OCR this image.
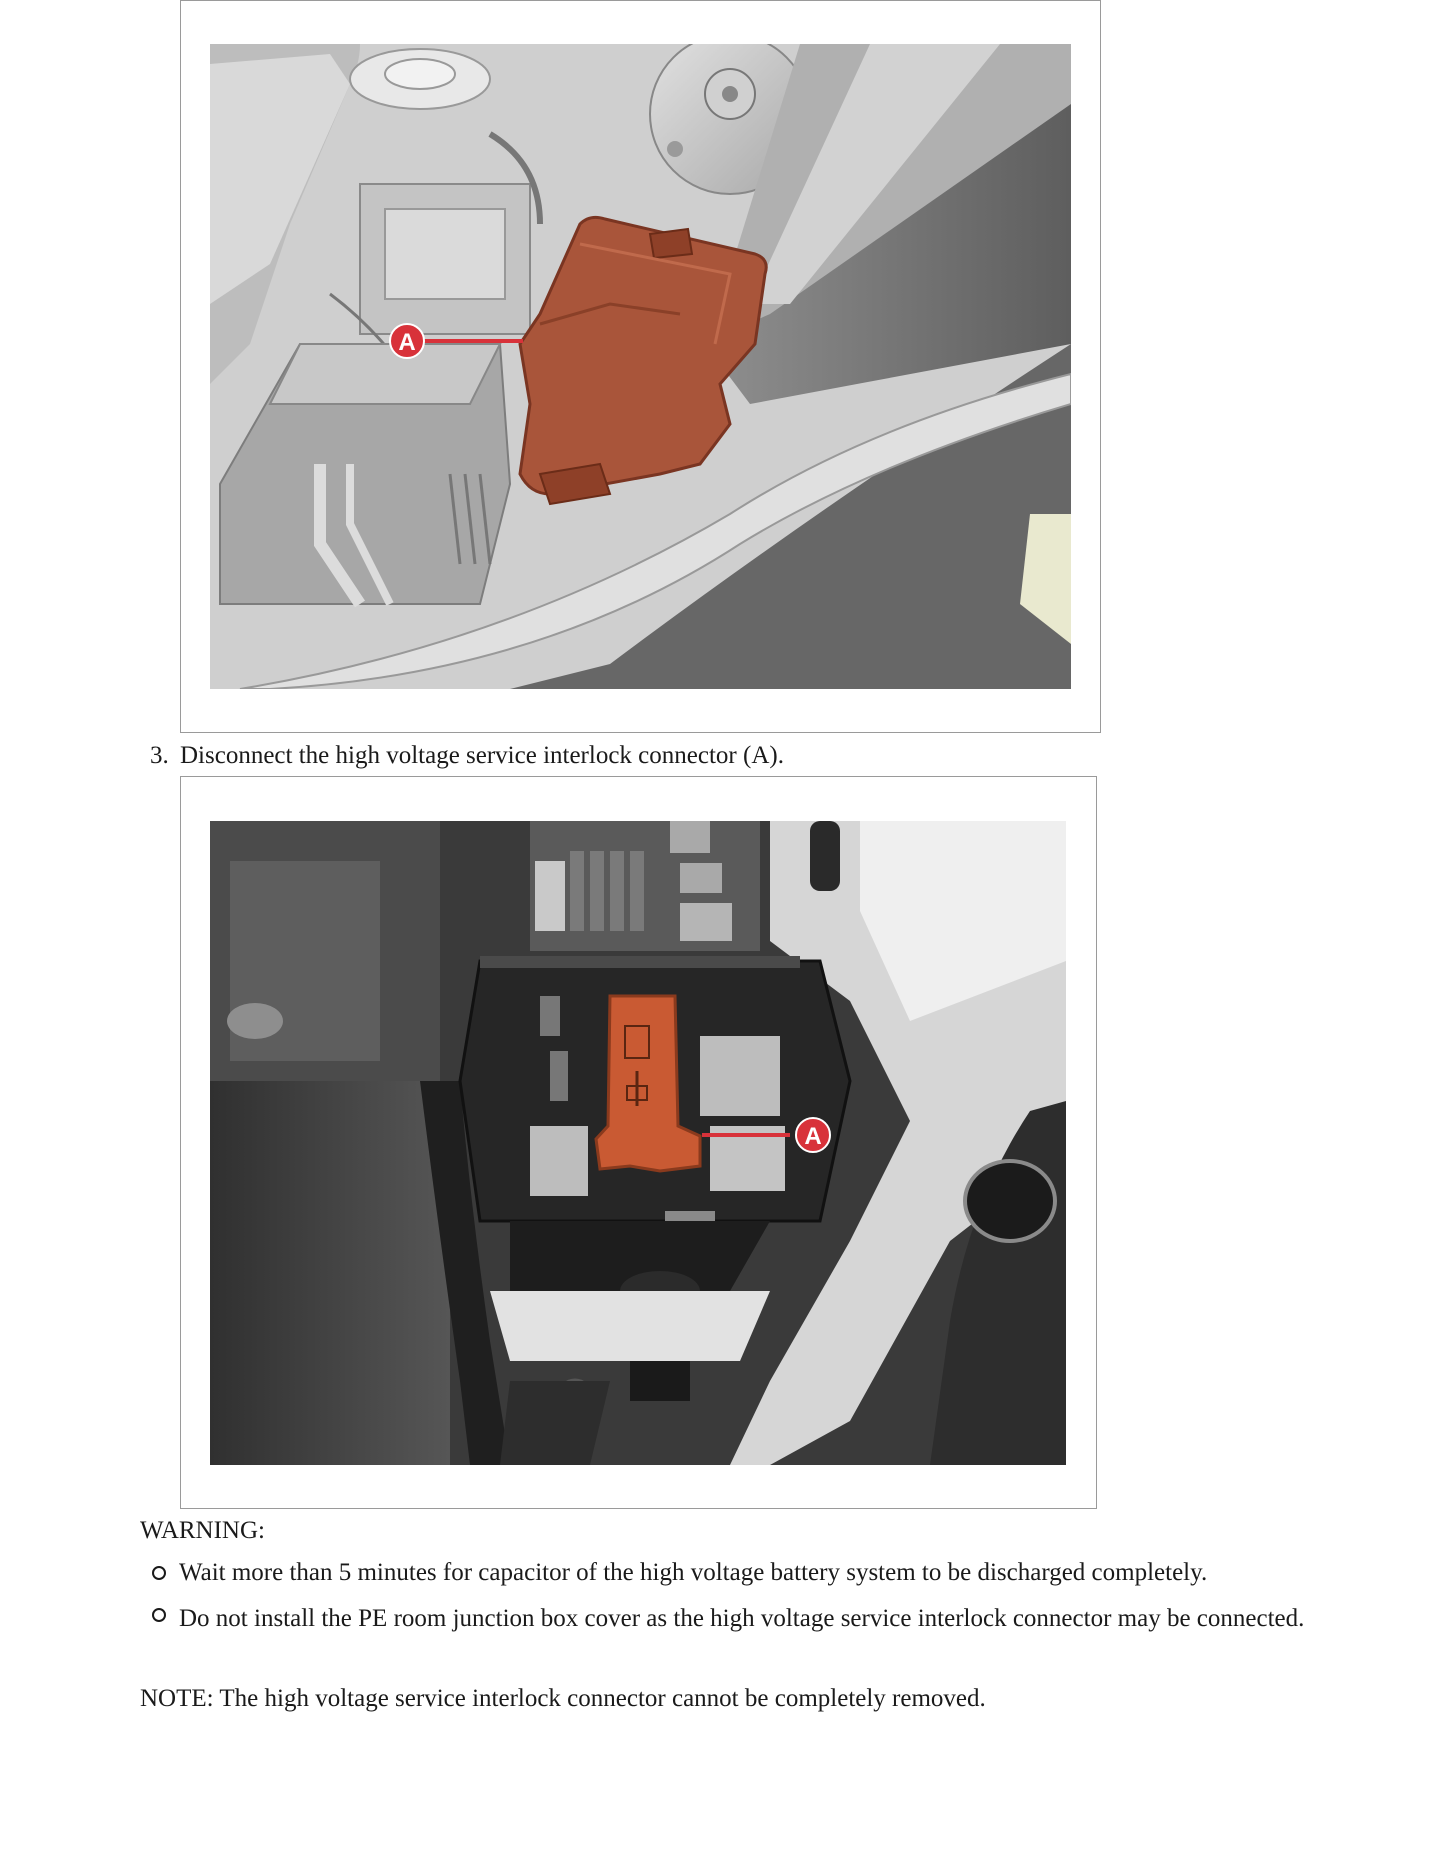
A
3. Disconnect the high voltage service interlock connector (A).
A
WARNING:
Wait more than 5 minutes for capacitor of the high voltage battery system to be discharged completely.
Do not install the PE room junction box cover as the high voltage service interlock connector may be connected.
NOTE: The high voltage service interlock connector cannot be completely removed.
